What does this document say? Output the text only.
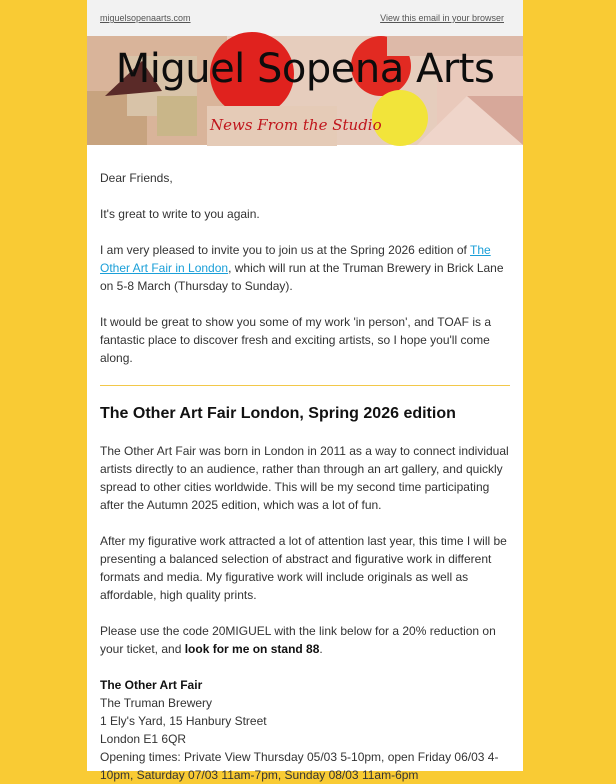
miguelsopenaarts.com	View this email in your browser
Miguel Sopena Arts
News From the Studio

Dear Friends,

It's great to write to you again.

I am very pleased to invite you to join us at the Spring 2026 edition of The Other Art Fair in London, which will run at the Truman Brewery in Brick Lane on 5-8 March (Thursday to Sunday).

It would be great to show you some of my work 'in person', and TOAF is a fantastic place to discover fresh and exciting artists, so I hope you'll come along.

The Other Art Fair London, Spring 2026 edition

The Other Art Fair was born in London in 2011 as a way to connect individual artists directly to an audience, rather than through an art gallery, and quickly spread to other cities worldwide. This will be my second time participating after the Autumn 2025 edition, which was a lot of fun.

After my figurative work attracted a lot of attention last year, this time I will be presenting a balanced selection of abstract and figurative work in different formats and media. My figurative work will include originals as well as affordable, high quality prints.

Please use the code 20MIGUEL with the link below for a 20% reduction on your ticket, and look for me on stand 88.

The Other Art Fair
The Truman Brewery
1 Ely's Yard, 15 Hanbury Street
London E1 6QR
Opening times: Private View Thursday 05/03 5-10pm, open Friday 06/03 4-10pm, Saturday 07/03 11am-7pm, Sunday 08/03 11am-6pm
